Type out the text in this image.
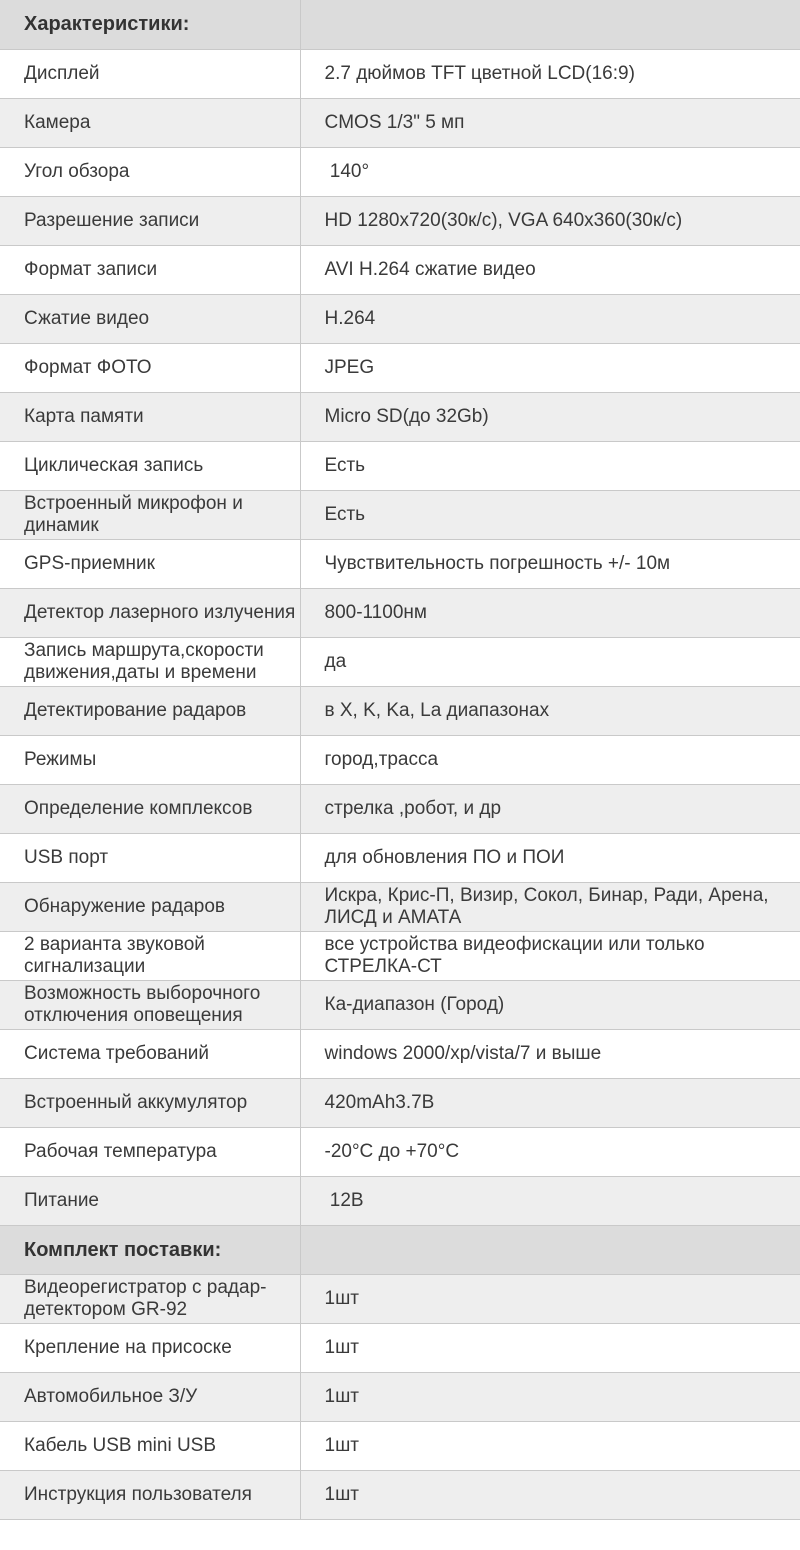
Характеристики:	
Дисплей	2.7 дюймов TFT цветной LCD(16:9)
Камера	CMOS 1/3" 5 мп
Угол обзора	140°
Разрешение записи	HD 1280x720(30к/с), VGA 640x360(30к/с)
Формат записи	AVI H.264 сжатие видео
Сжатие видео	H.264
Формат ФОТО	JPEG
Карта памяти	Micro SD(до 32Gb)
Циклическая запись	Есть
Встроенный микрофон и динамик	Есть
GPS-приемник	Чувствительность погрешность +/- 10м
Детектор лазерного излучения	800-1100нм
Запись маршрута,скорости движения,даты и времени	да
Детектирование радаров	в X, K, Ka, La диапазонах
Режимы	город,трасса
Определение комплексов	стрелка ,робот, и др
USB порт	для обновления ПО и ПОИ
Обнаружение радаров	Искра, Крис-П, Визир, Сокол, Бинар, Ради, Арена, ЛИСД и АМАТА
2 варианта звуковой сигнализации	все устройства видеофискации или только СТРЕЛКА-СТ
Возможность выборочного отключения оповещения	Ка-диапазон (Город)
Система требований	windows 2000/xp/vista/7 и выше
Встроенный аккумулятор	420mAh3.7В
Рабочая температура	-20°C до +70°C
Питание	12В
Комплект поставки:	
Видеорегистратор с радар-детектором GR-92	1шт
Крепление на присоске	1шт
Автомобильное З/У	1шт
Кабель USB mini USB	1шт
Инструкция пользователя	1шт
